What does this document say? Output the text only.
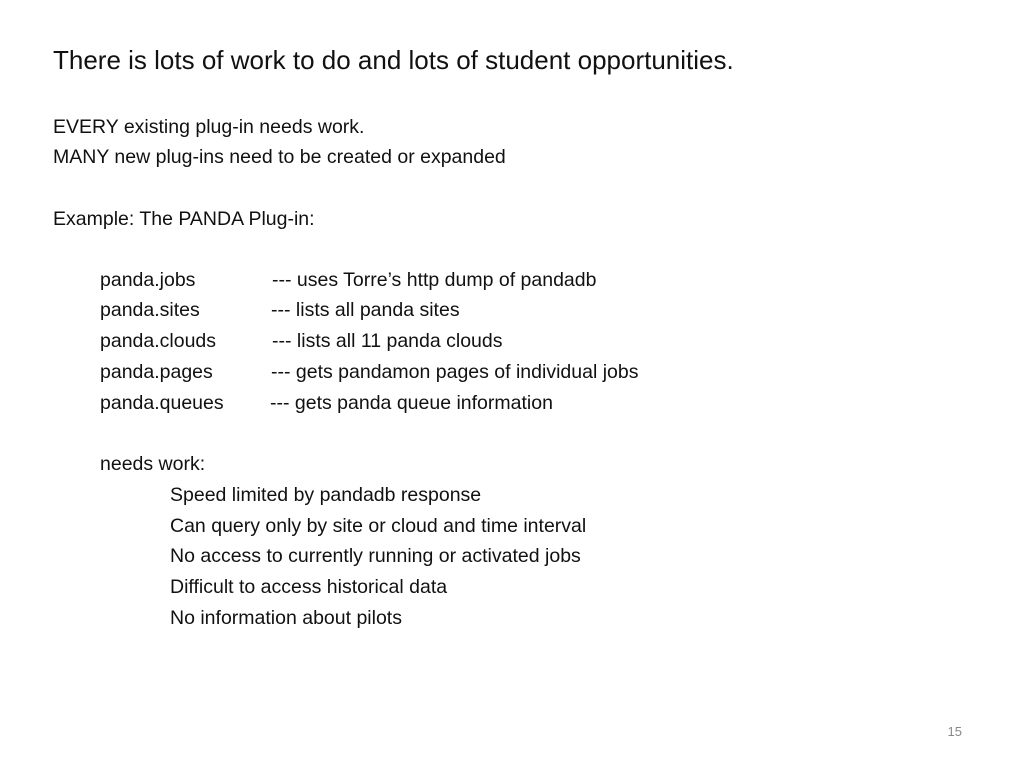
There is lots of work to do and lots of student opportunities.
EVERY existing plug-in needs work.
MANY new plug-ins need to be created or expanded
Example: The PANDA Plug-in:
panda.jobs	--- uses Torre’s http dump of pandadb
panda.sites	--- lists all panda sites
panda.clouds	--- lists all 11 panda clouds
panda.pages	--- gets pandamon pages of individual jobs
panda.queues --- gets panda queue information
needs work:
Speed limited by pandadb response
Can query only by site or cloud and time interval
No access to currently running or activated jobs
Difficult to access historical data
No information about pilots
15
